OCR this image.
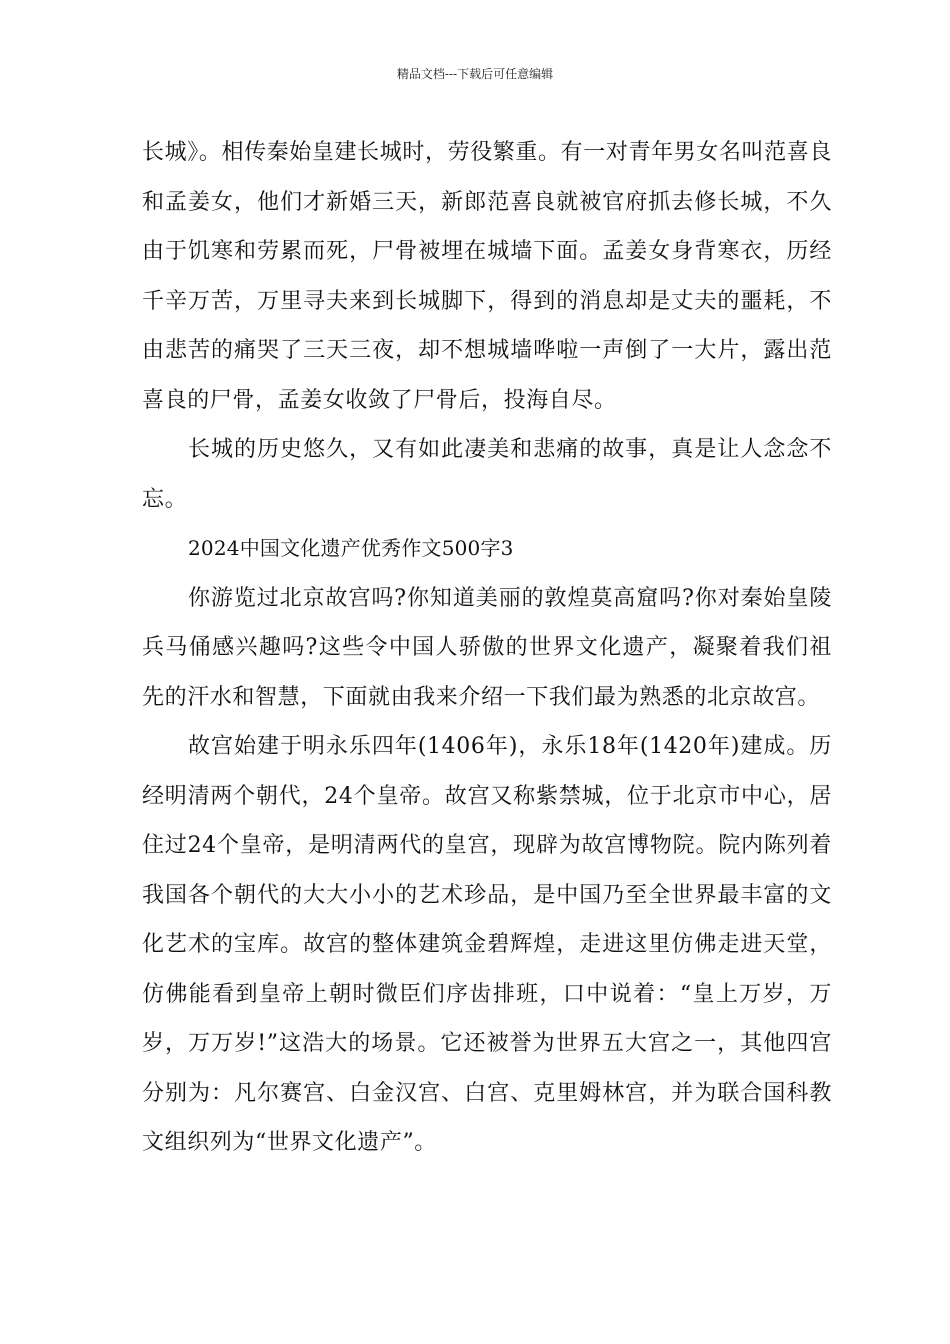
精品文档---下载后可任意编辑

长城》。相传秦始皇建长城时，劳役繁重。有一对青年男女名叫范喜良和孟姜女，他们才新婚三天，新郎范喜良就被官府抓去修长城，不久由于饥寒和劳累而死，尸骨被埋在城墙下面。孟姜女身背寒衣，历经千辛万苦，万里寻夫来到长城脚下，得到的消息却是丈夫的噩耗，不由悲苦的痛哭了三天三夜，却不想城墙哗啦一声倒了一大片，露出范喜良的尸骨，孟姜女收敛了尸骨后，投海自尽。

长城的历史悠久，又有如此凄美和悲痛的故事，真是让人念念不忘。

2024中国文化遗产优秀作文500字3

你游览过北京故宫吗?你知道美丽的敦煌莫高窟吗?你对秦始皇陵兵马俑感兴趣吗?这些令中国人骄傲的世界文化遗产，凝聚着我们祖先的汗水和智慧，下面就由我来介绍一下我们最为熟悉的北京故宫。

故宫始建于明永乐四年(1406年)，永乐18年(1420年)建成。历经明清两个朝代，24个皇帝。故宫又称紫禁城，位于北京市中心，居住过24个皇帝，是明清两代的皇宫，现辟为故宫博物院。院内陈列着我国各个朝代的大大小小的艺术珍品，是中国乃至全世界最丰富的文化艺术的宝库。故宫的整体建筑金碧辉煌，走进这里仿佛走进天堂，仿佛能看到皇帝上朝时微臣们序齿排班，口中说着：“皇上万岁，万岁，万万岁!”这浩大的场景。它还被誉为世界五大宫之一，其他四宫分别为：凡尔赛宫、白金汉宫、白宫、克里姆林宫，并为联合国科教文组织列为“世界文化遗产”。
